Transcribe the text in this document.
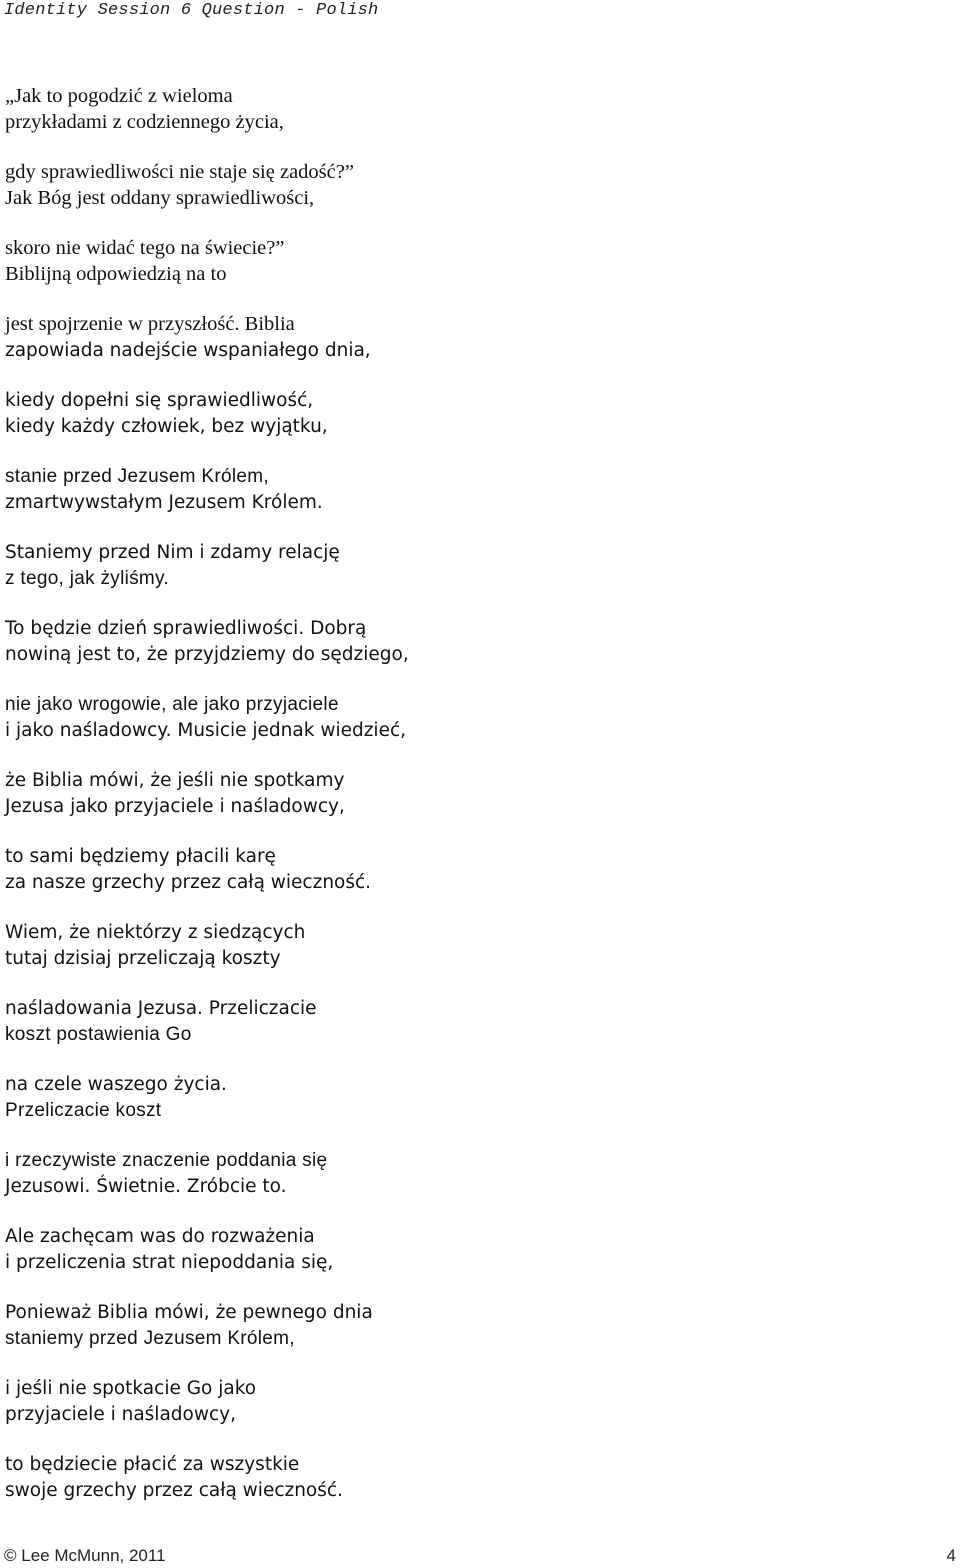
Identity Session 6 Question - Polish
„Jak to pogodzić z wieloma
przykładami z codziennego życia,
gdy sprawiedliwości nie staje się zadość?”
Jak Bóg jest oddany sprawiedliwości,
skoro nie widać tego na świecie?”
Biblijną odpowiedzią na to
jest spojrzenie w przyszłość. Biblia
zapowiada nadejście wspaniałego dnia,
kiedy dopełni się sprawiedliwość,
kiedy każdy człowiek, bez wyjątku,
stanie przed Jezusem Królem,
zmartwywstałym Jezusem Królem.
Staniemy przed Nim i zdamy relację
z tego, jak żyliśmy.
To będzie dzień sprawiedliwości. Dobrą
nowiną jest to, że przyjdziemy do sędziego,
nie jako wrogowie, ale jako przyjaciele
i jako naśladowcy. Musicie jednak wiedzieć,
że Biblia mówi, że jeśli nie spotkamy
Jezusa jako przyjaciele i naśladowcy,
to sami będziemy płacili karę
za nasze grzechy przez całą wieczność.
Wiem, że niektórzy z siedzących
tutaj dzisiaj przeliczają koszty
naśladowania Jezusa. Przeliczacie
koszt postawienia Go
na czele waszego życia.
Przeliczacie koszt
i rzeczywiste znaczenie poddania się
Jezusowi. Świetnie. Zróbcie to.
Ale zachęcam was do rozważenia
i przeliczenia strat niepoddania się,
Ponieważ Biblia mówi, że pewnego dnia
staniemy przed Jezusem Królem,
i jeśli nie spotkacie Go jako
przyjaciele i naśladowcy,
to będziecie płacić za wszystkie
swoje grzechy przez całą wieczność.
© Lee McMunn, 2011	4
